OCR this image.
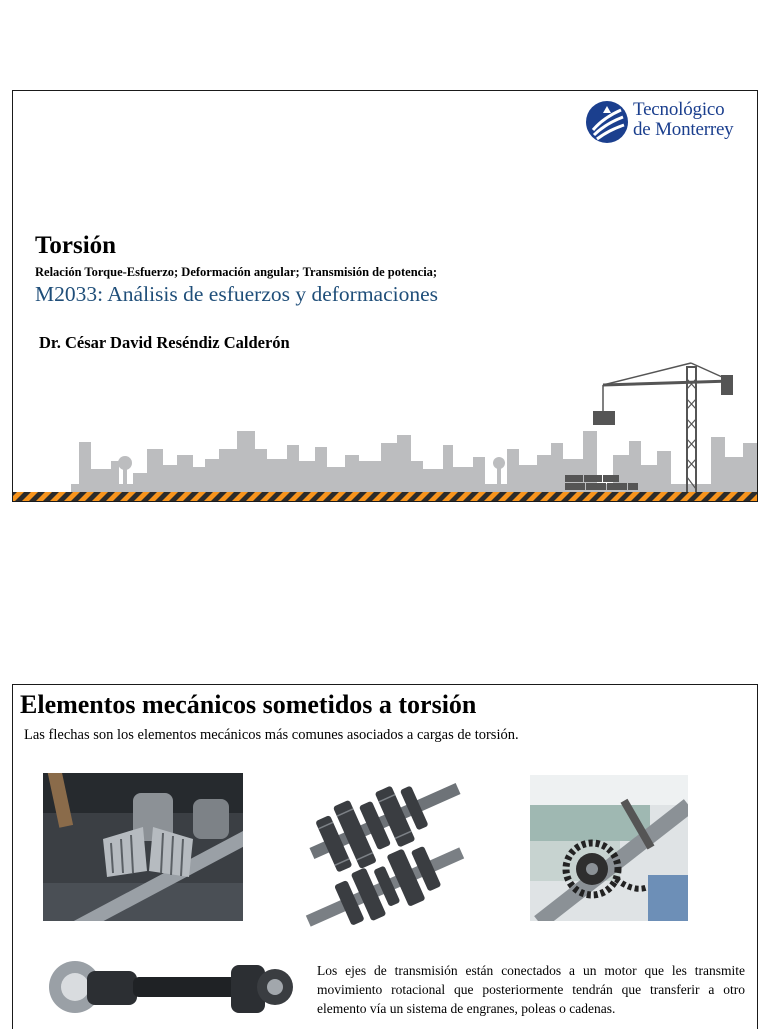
Tecnológico
de Monterrey
Torsión
Relación Torque-Esfuerzo; Deformación angular; Transmisión de potencia;
M2033: Análisis de esfuerzos y deformaciones
Dr. César David Reséndiz Calderón
Elementos mecánicos sometidos a torsión
Las flechas son los elementos mecánicos más comunes asociados a cargas de torsión.
Los ejes de transmisión están conectados a un motor que les transmite movimiento rotacional que posteriormente tendrán que transferir a otro elemento vía un sistema de engranes, poleas o cadenas.
